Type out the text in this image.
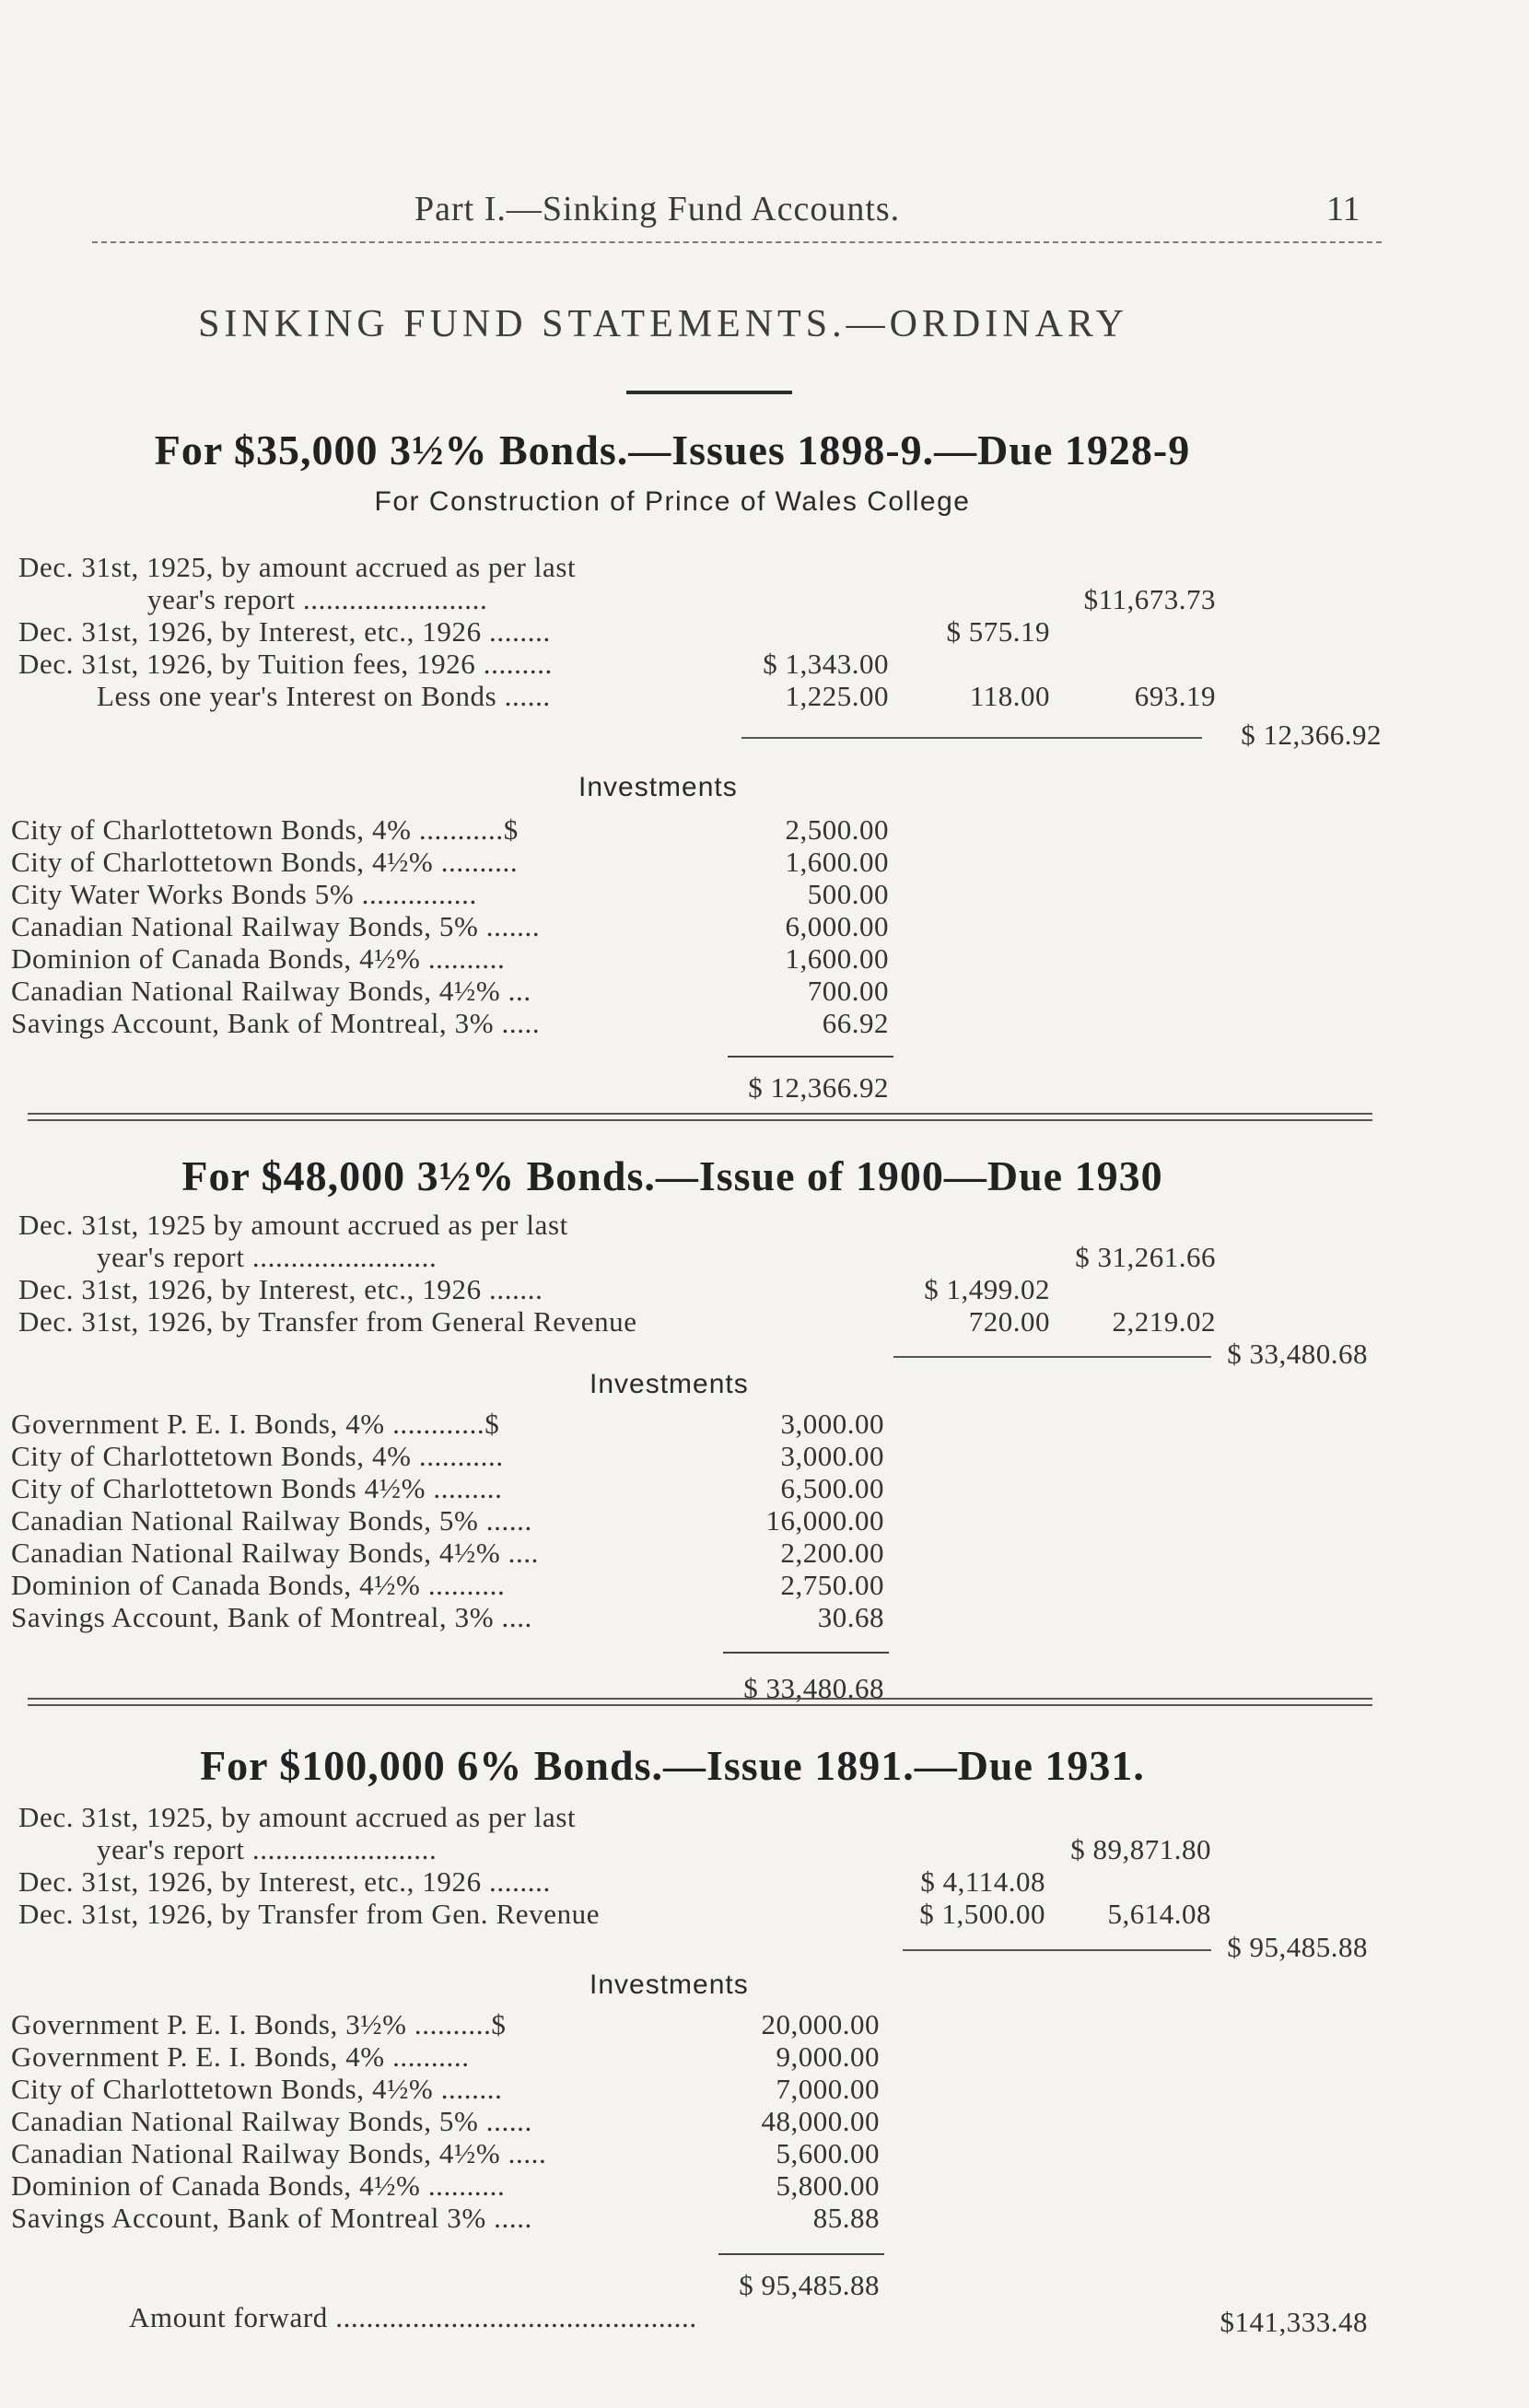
Part I.—Sinking Fund Accounts.	11
SINKING FUND STATEMENTS.—ORDINARY
For $35,000 3½% Bonds.—Issues 1898-9.—Due 1928-9
For Construction of Prince of Wales College
Dec. 31st, 1925, by amount accrued as per last
year's report ........................	$11,673.73
Dec. 31st, 1926, by Interest, etc., 1926 ........	$ 575.19
Dec. 31st, 1926, by Tuition fees, 1926 .........	$ 1,343.00
Less one year's Interest on Bonds ......	1,225.00	118.00	693.19
$ 12,366.92
Investments
City of Charlottetown Bonds, 4% ...........$	2,500.00
City of Charlottetown Bonds, 4½% ..........	1,600.00
City Water Works Bonds 5% ...............	500.00
Canadian National Railway Bonds, 5% .......	6,000.00
Dominion of Canada Bonds, 4½% ..........	1,600.00
Canadian National Railway Bonds, 4½% ...	700.00
Savings Account, Bank of Montreal, 3% .....	66.92
$ 12,366.92
For $48,000 3½% Bonds.—Issue of 1900—Due 1930
Dec. 31st, 1925 by amount accrued as per last
year's report ........................	$ 31,261.66
Dec. 31st, 1926, by Interest, etc., 1926 .......	$ 1,499.02
Dec. 31st, 1926, by Transfer from General Revenue	720.00	2,219.02
$ 33,480.68
Investments
Government P. E. I. Bonds, 4% ............$	3,000.00
City of Charlottetown Bonds, 4% ...........	3,000.00
City of Charlottetown Bonds 4½% .........	6,500.00
Canadian National Railway Bonds, 5% ......	16,000.00
Canadian National Railway Bonds, 4½% ....	2,200.00
Dominion of Canada Bonds, 4½% ..........	2,750.00
Savings Account, Bank of Montreal, 3% ....	30.68
$ 33,480.68
For $100,000 6% Bonds.—Issue 1891.—Due 1931.
Dec. 31st, 1925, by amount accrued as per last
year's report ........................	$ 89,871.80
Dec. 31st, 1926, by Interest, etc., 1926 ........	$ 4,114.08
Dec. 31st, 1926, by Transfer from Gen. Revenue	$ 1,500.00	5,614.08
$ 95,485.88
Investments
Government P. E. I. Bonds, 3½% ..........$	20,000.00
Government P. E. I. Bonds, 4% ..........	9,000.00
City of Charlottetown Bonds, 4½% ........	7,000.00
Canadian National Railway Bonds, 5% ......	48,000.00
Canadian National Railway Bonds, 4½% .....	5,600.00
Dominion of Canada Bonds, 4½% ..........	5,800.00
Savings Account, Bank of Montreal 3% .....	85.88
$ 95,485.88
Amount forward ...............................................	$141,333.48
